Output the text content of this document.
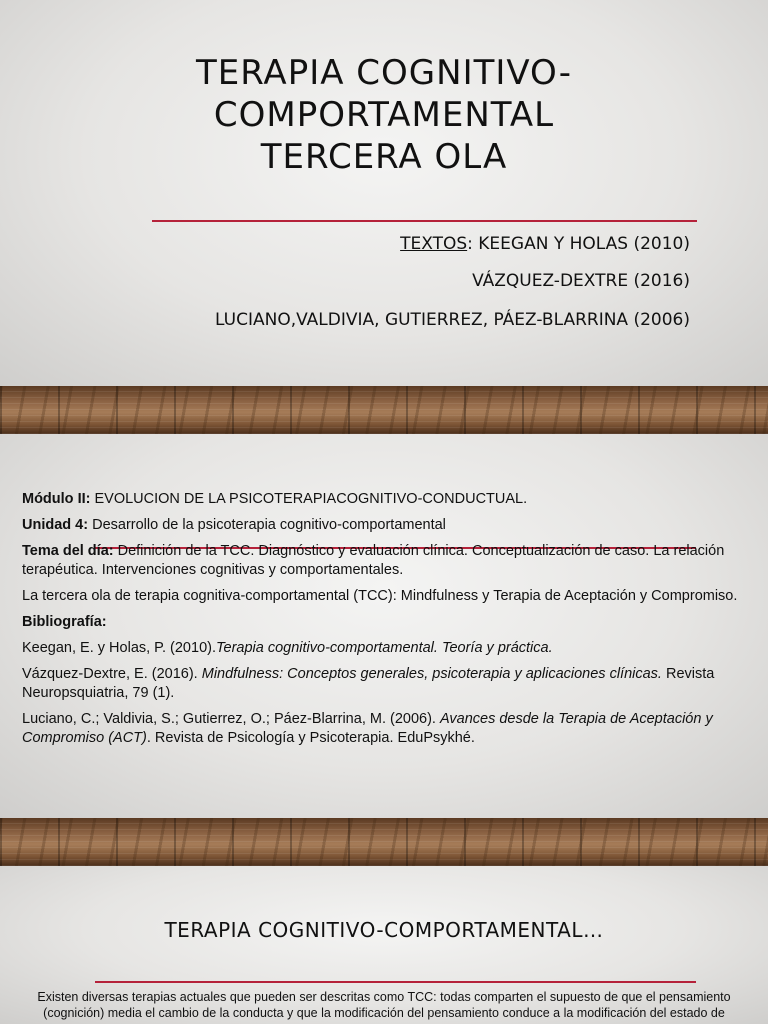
TERAPIA COGNITIVO-
COMPORTAMENTAL
TERCERA OLA
TEXTOS: KEEGAN Y HOLAS (2010)
VÁZQUEZ-DEXTRE (2016)
LUCIANO,VALDIVIA, GUTIERREZ, PÁEZ-BLARRINA (2006)

Módulo II: EVOLUCION DE LA PSICOTERAPIACOGNITIVO-CONDUCTUAL.

Unidad 4: Desarrollo de la psicoterapia cognitivo-comportamental

Tema del día: Definición de la TCC. Diagnóstico y evaluación clínica. Conceptualización de caso. La relación terapéutica. Intervenciones cognitivas y comportamentales.

La tercera ola de terapia cognitiva-comportamental (TCC): Mindfulness y Terapia de Aceptación y Compromiso.

Bibliografía:

Keegan, E. y Holas, P. (2010).Terapia cognitivo-comportamental. Teoría y práctica.

Vázquez-Dextre, E. (2016). Mindfulness: Conceptos generales, psicoterapia y aplicaciones clínicas. Revista Neuropsquiatria, 79 (1).

Luciano, C.; Valdivia, S.; Gutierrez, O.; Páez-Blarrina, M. (2006). Avances desde la Terapia de Aceptación y Compromiso (ACT). Revista de Psicología y Psicoterapia. EduPsykhé.

TERAPIA COGNITIVO-COMPORTAMENTAL…
Existen diversas terapias actuales que pueden ser descritas como TCC: todas comparten el supuesto de que el pensamiento (cognición) media el cambio de la conducta y que la modificación del pensamiento conduce a la modificación del estado de
